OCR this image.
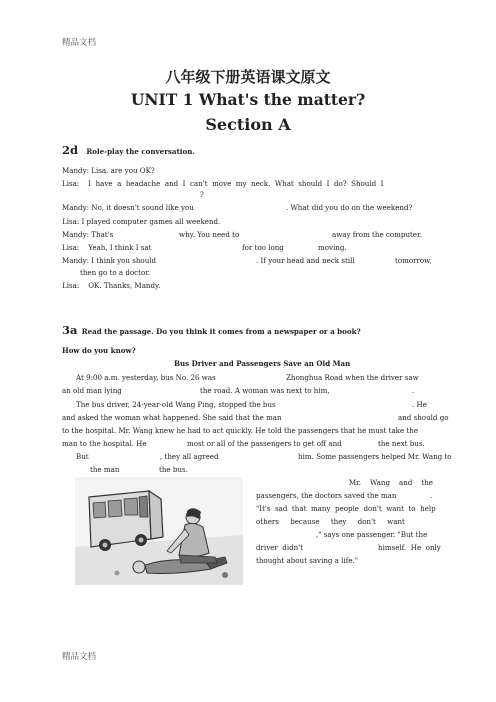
精品文档
八年级下册英语课文原文
UNIT 1 What's the matter?
Section A
2d Role-play the conversation.
Mandy: Lisa, are you OK?
Lisa:    I  have  a  headache  and  I  can't  move  my  neck.  What  should  I  do?  Should  I
?
Mandy: No, it doesn't sound like you	. What did you do on the weekend?
Lisa: I played computer games all weekend.
Mandy: That's	why. You need to	away from the computer.
Lisa:    Yeah, I think I sat	for too long	moving.
Mandy: I think you should	. If your head and neck still	tomorrow,
then go to a doctor.
Lisa:    OK. Thanks, Mandy.
3a Read the passage. Do you think it comes from a newspaper or a book?
How do you know?
Bus Driver and Passengers Save an Old Man
At 9:00 a.m. yesterday, bus No. 26 was	Zhonghua Road when the driver saw
an old man lying	the road. A woman was next to him,	.
The bus driver, 24-year-old Wang Ping, stopped the bus	. He
and asked the woman what happened. She said that the man	and should go
to the hospital. Mr. Wang knew he had to act quickly. He told the passengers that he must take the
man to the hospital. He	most or all of the passengers to get off and	the next bus.
But	, they all agreed	him. Some passengers helped Mr. Wang to
the man	the bus.
Mr.    Wang    and    the
passengers, the doctors saved the man	.
"It's  sad  that  many  people  don't  want  to  help
others     because     they     don't     want
," says one passenger. "But the
driver  didn't	himself.  He  only
thought about saving a life."
精品文档
